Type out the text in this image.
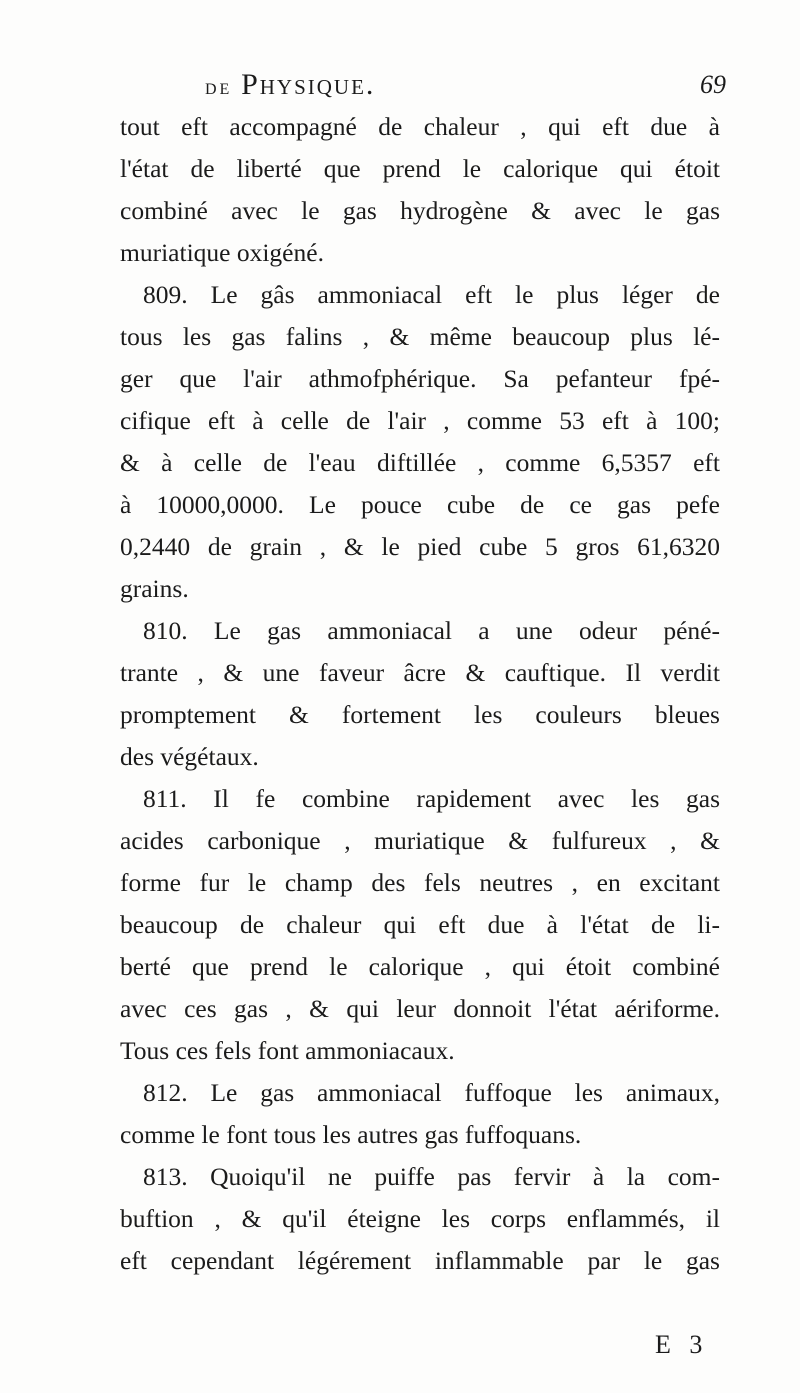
de Physique.	69
tout eft accompagné de chaleur , qui eft due à
l'état de liberté que prend le calorique qui étoit
combiné avec le gas hydrogène & avec le gas
muriatique oxigéné.
809. Le gâs ammoniacal eft le plus léger de
tous les gas falins , & même beaucoup plus lé-
ger que l'air athmofphérique. Sa pefanteur fpé-
cifique eft à celle de l'air , comme 53 eft à 100;
& à celle de l'eau diftillée , comme 6,5357 eft
à 10000,0000. Le pouce cube de ce gas pefe
0,2440 de grain , & le pied cube 5 gros 61,6320
grains.
810. Le gas ammoniacal a une odeur péné-
trante , & une faveur âcre & cauftique. Il verdit
promptement & fortement les couleurs bleues
des végétaux.
811. Il fe combine rapidement avec les gas
acides carbonique , muriatique & fulfureux , &
forme fur le champ des fels neutres , en excitant
beaucoup de chaleur qui eft due à l'état de li-
berté que prend le calorique , qui étoit combiné
avec ces gas , & qui leur donnoit l'état aériforme.
Tous ces fels font ammoniacaux.
812. Le gas ammoniacal fuffoque les animaux,
comme le font tous les autres gas fuffoquans.
813. Quoiqu'il ne puiffe pas fervir à la com-
buftion , & qu'il éteigne les corps enflammés, il
eft cependant légérement inflammable par le gas
E 3
